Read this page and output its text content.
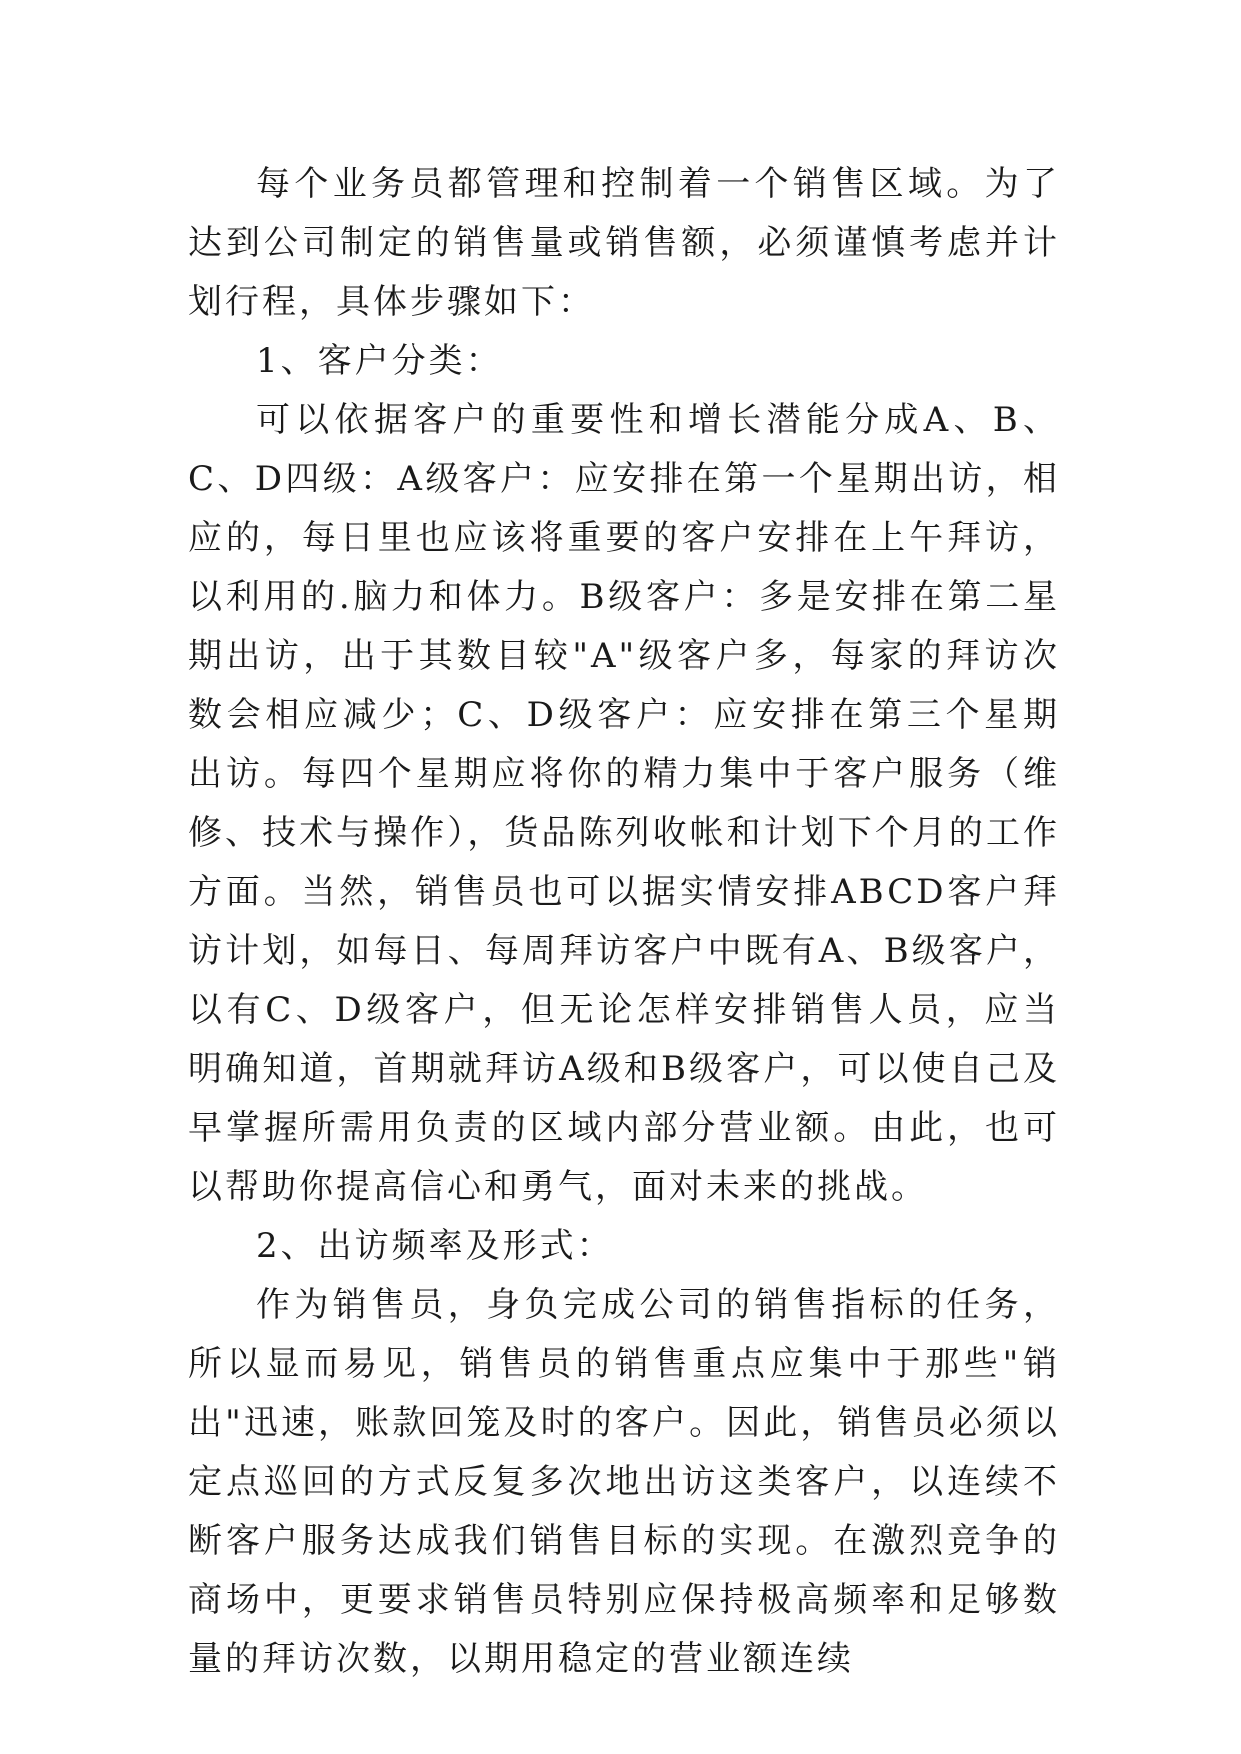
每个业务员都管理和控制着一个销售区域。为了达到公司制定的销售量或销售额，必须谨慎考虑并计划行程，具体步骤如下：

1、客户分类：

可以依据客户的重要性和增长潜能分成A、B、C、D四级：A级客户：应安排在第一个星期出访，相应的，每日里也应该将重要的客户安排在上午拜访，以利用的.脑力和体力。B级客户：多是安排在第二星期出访，出于其数目较"A"级客户多，每家的拜访次数会相应减少；C、D级客户：应安排在第三个星期出访。每四个星期应将你的精力集中于客户服务（维修、技术与操作），货品陈列收帐和计划下个月的工作方面。当然，销售员也可以据实情安排ABCD客户拜访计划，如每日、每周拜访客户中既有A、B级客户，以有C、D级客户，但无论怎样安排销售人员，应当明确知道，首期就拜访A级和B级客户，可以使自己及早掌握所需用负责的区域内部分营业额。由此，也可以帮助你提高信心和勇气，面对未来的挑战。

2、出访频率及形式：

作为销售员，身负完成公司的销售指标的任务，所以显而易见，销售员的销售重点应集中于那些"销出"迅速，账款回笼及时的客户。因此，销售员必须以定点巡回的方式反复多次地出访这类客户，以连续不断客户服务达成我们销售目标的实现。在激烈竞争的商场中，更要求销售员特别应保持极高频率和足够数量的拜访次数，以期用稳定的营业额连续
